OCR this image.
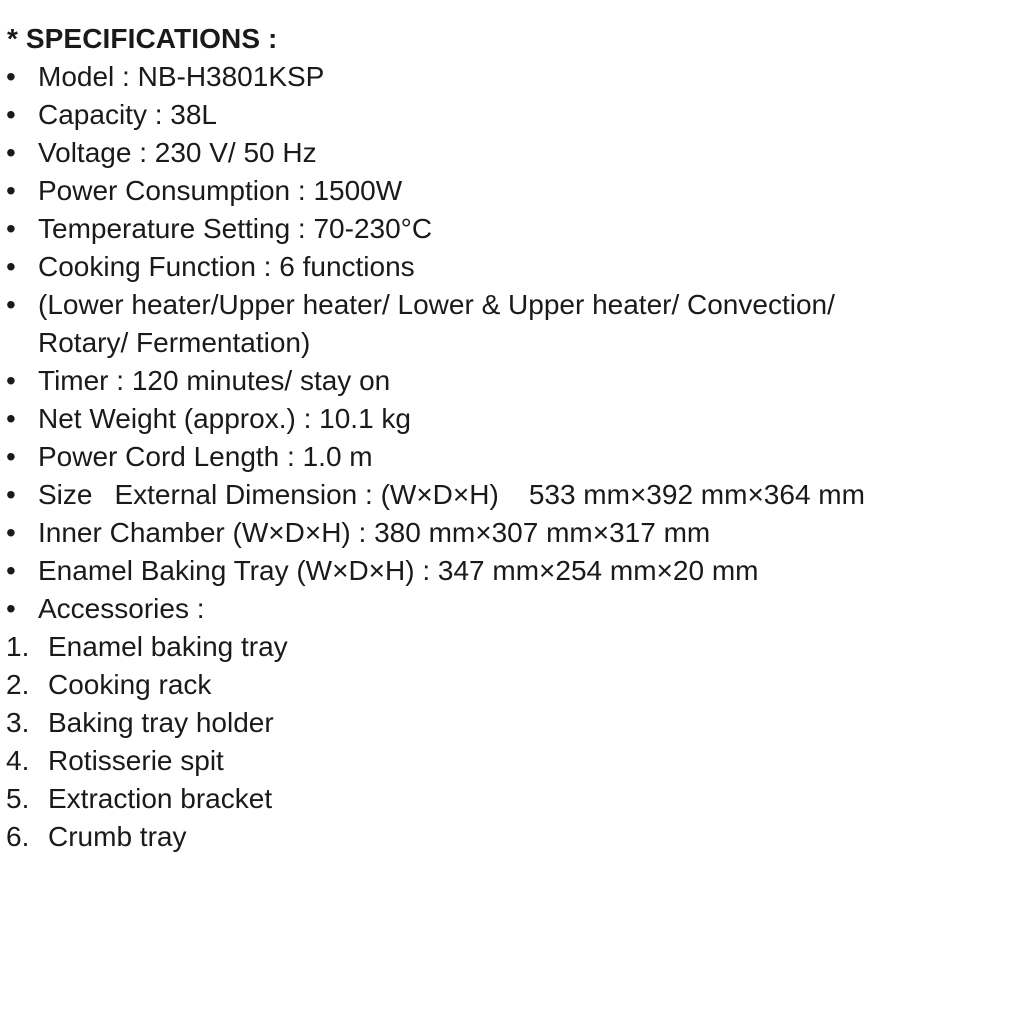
* SPECIFICATIONS :
• Model : NB-H3801KSP
• Capacity : 38L
• Voltage : 230 V/ 50 Hz
• Power Consumption : 1500W
• Temperature Setting : 70-230°C
• Cooking Function : 6 functions
• (Lower heater/Upper heater/ Lower & Upper heater/ Convection/
Rotary/ Fermentation)
• Timer : 120 minutes/ stay on
• Net Weight (approx.) : 10.1 kg
• Power Cord Length : 1.0 m
• Size External Dimension : (W×D×H) 533 mm×392 mm×364 mm
• Inner Chamber (W×D×H) : 380 mm×307 mm×317 mm
• Enamel Baking Tray (W×D×H) : 347 mm×254 mm×20 mm
• Accessories :
1. Enamel baking tray
2. Cooking rack
3. Baking tray holder
4. Rotisserie spit
5. Extraction bracket
6. Crumb tray
